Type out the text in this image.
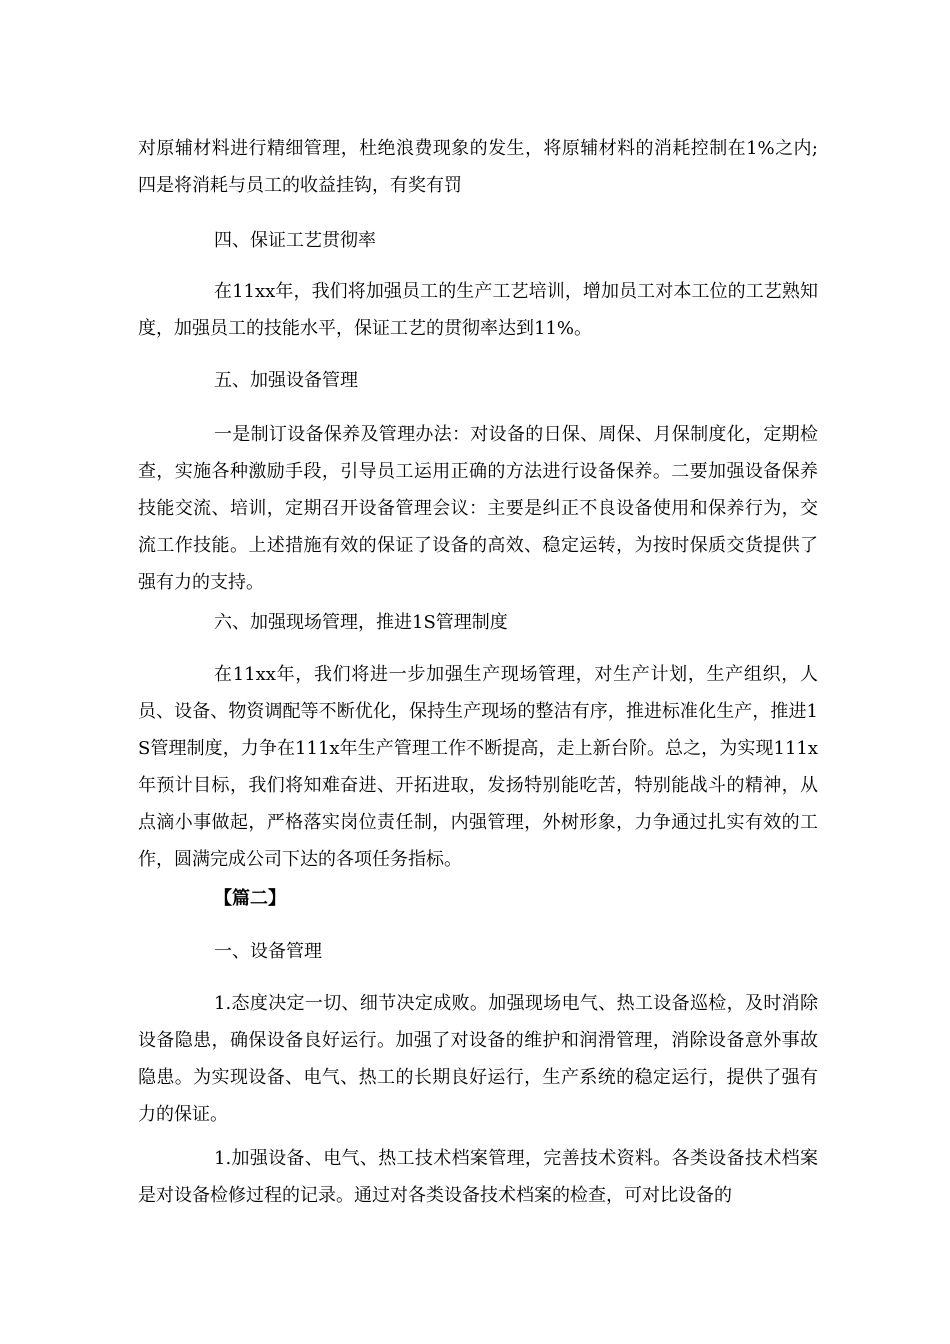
对原辅材料进行精细管理，杜绝浪费现象的发生，将原辅材料的消耗控制在1%之内;四是将消耗与员工的收益挂钩，有奖有罚

四、保证工艺贯彻率

在11xx年，我们将加强员工的生产工艺培训，增加员工对本工位的工艺熟知度，加强员工的技能水平，保证工艺的贯彻率达到11%。

五、加强设备管理

一是制订设备保养及管理办法：对设备的日保、周保、月保制度化，定期检查，实施各种激励手段，引导员工运用正确的方法进行设备保养。二要加强设备保养技能交流、培训，定期召开设备管理会议：主要是纠正不良设备使用和保养行为，交流工作技能。上述措施有效的保证了设备的高效、稳定运转，为按时保质交货提供了强有力的支持。

六、加强现场管理，推进1S管理制度

在11xx年，我们将进一步加强生产现场管理，对生产计划，生产组织，人员、设备、物资调配等不断优化，保持生产现场的整洁有序，推进标准化生产，推进1S管理制度，力争在111x年生产管理工作不断提高，走上新台阶。总之，为实现111x年预计目标，我们将知难奋进、开拓进取，发扬特别能吃苦，特别能战斗的精神，从点滴小事做起，严格落实岗位责任制，内强管理，外树形象，力争通过扎实有效的工作，圆满完成公司下达的各项任务指标。

【篇二】

一、设备管理

1.态度决定一切、细节决定成败。加强现场电气、热工设备巡检，及时消除设备隐患，确保设备良好运行。加强了对设备的维护和润滑管理，消除设备意外事故隐患。为实现设备、电气、热工的长期良好运行，生产系统的稳定运行，提供了强有力的保证。

1.加强设备、电气、热工技术档案管理，完善技术资料。各类设备技术档案是对设备检修过程的记录。通过对各类设备技术档案的检查，可对比设备的
